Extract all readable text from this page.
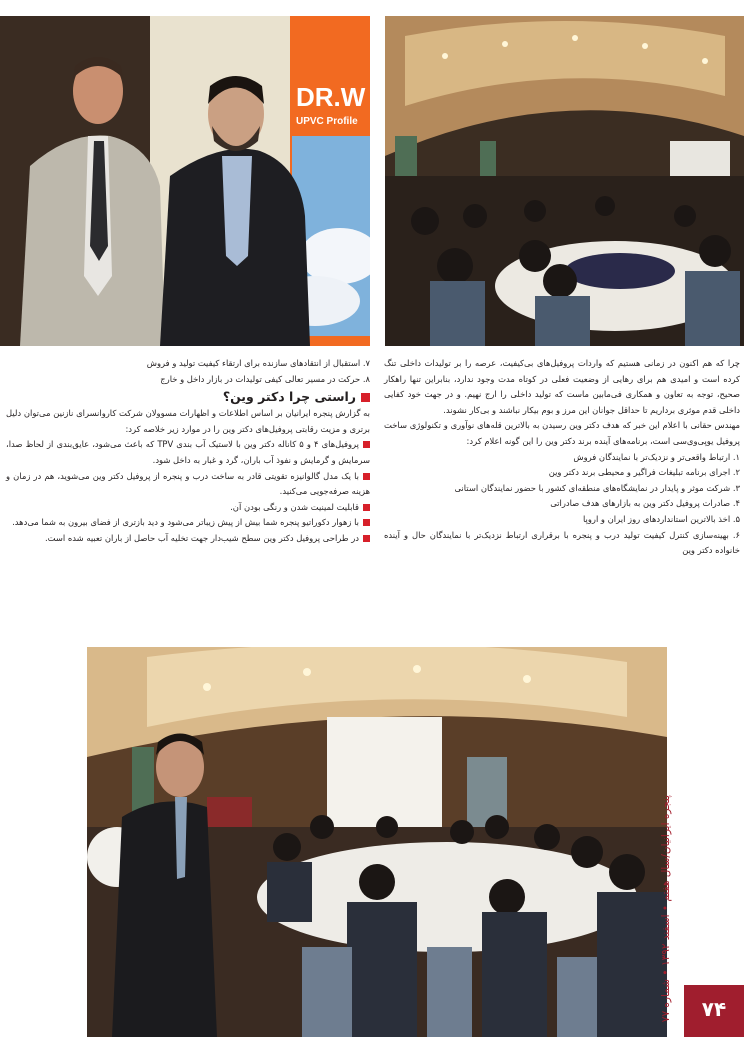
DR.W
UPVC Profile

چرا که هم اکنون در زمانی هستیم که واردات پروفیل‌های بی‌کیفیت، عرصه را بر تولیدات داخلی تنگ کرده است و امیدی هم برای رهایی از وضعیت فعلی در کوتاه مدت وجود ندارد، بنابراین تنها راهکار صحیح، توجه به تعاون و همکاری فی‌مابین ماست که تولید داخلی را ارج نهیم. و در جهت خود کفایی داخلی قدم موثری برداریم تا حداقل جوانان این مرز و بوم بیکار نباشند و بی‌کار نشوند.

مهندس حقانی با اعلام این خبر که هدف دکتر وین رسیدن به بالاترین قله‌های نوآوری و تکنولوژی ساخت پروفیل یوپی‌وی‌سی است، برنامه‌های آینده برند دکتر وین را این گونه اعلام کرد:

۱. ارتباط واقعی‌تر و نزدیک‌تر با نمایندگان فروش

۲. اجرای برنامه تبلیغات فراگیر و محیطی برند دکتر وین

۳. شرکت موثر و پایدار در نمایشگاه‌های منطقه‌ای کشور با حضور نمایندگان استانی

۴. صادرات پروفیل دکتر وین به بازارهای هدف صادراتی

۵. اخذ بالاترین استانداردهای روز ایران و اروپا

۶. بهینه‌سازی کنترل کیفیت تولید درب و پنجره با برقراری ارتباط نزدیک‌تر با نمایندگان حال و آینده خانواده دکتر وین

۷. استقبال از انتقادهای سازنده برای ارتقاء کیفیت تولید و فروش

۸. حرکت در مسیر تعالی کیفی تولیدات در بازار داخل و خارج

راستی چرا دکتر وین؟

به گزارش پنجره ایرانیان بر اساس اطلاعات و اظهارات مسوولان شرکت کاروانسرای نازنین می‌توان دلیل برتری و مزیت رقابتی پروفیل‌های دکتر وین را در موارد زیر خلاصه کرد:

پروفیل‌های ۴ و ۵ کاناله دکتر وین با لاستیک آب بندی TPV که باعث می‌شود، عایق‌بندی از لحاظ صدا، سرمایش و گرمایش و نفوذ آب باران، گرد و غبار به داخل شود.

با یک مدل گالوانیزه تقویتی قادر به ساخت درب و پنجره از پروفیل دکتر وین می‌شوید، هم در زمان و هزینه صرفه‌جویی می‌کنید.

قابلیت لمینیت شدن و رنگی بودن آن.

با زهوار دکوراتیو پنجره شما بیش از پیش زیباتر می‌شود و دید بازتری از فضای بیرون به شما می‌دهد.

در طراحی پروفیل دکتر وین سطح شیب‌دار جهت تخلیه آب حاصل از باران تعبیه شده است.

پنجره ایرانیان/سال هفتم ‌• اسفند ۱۳۹۲ ‌• شماره ۷۷
۷۴
